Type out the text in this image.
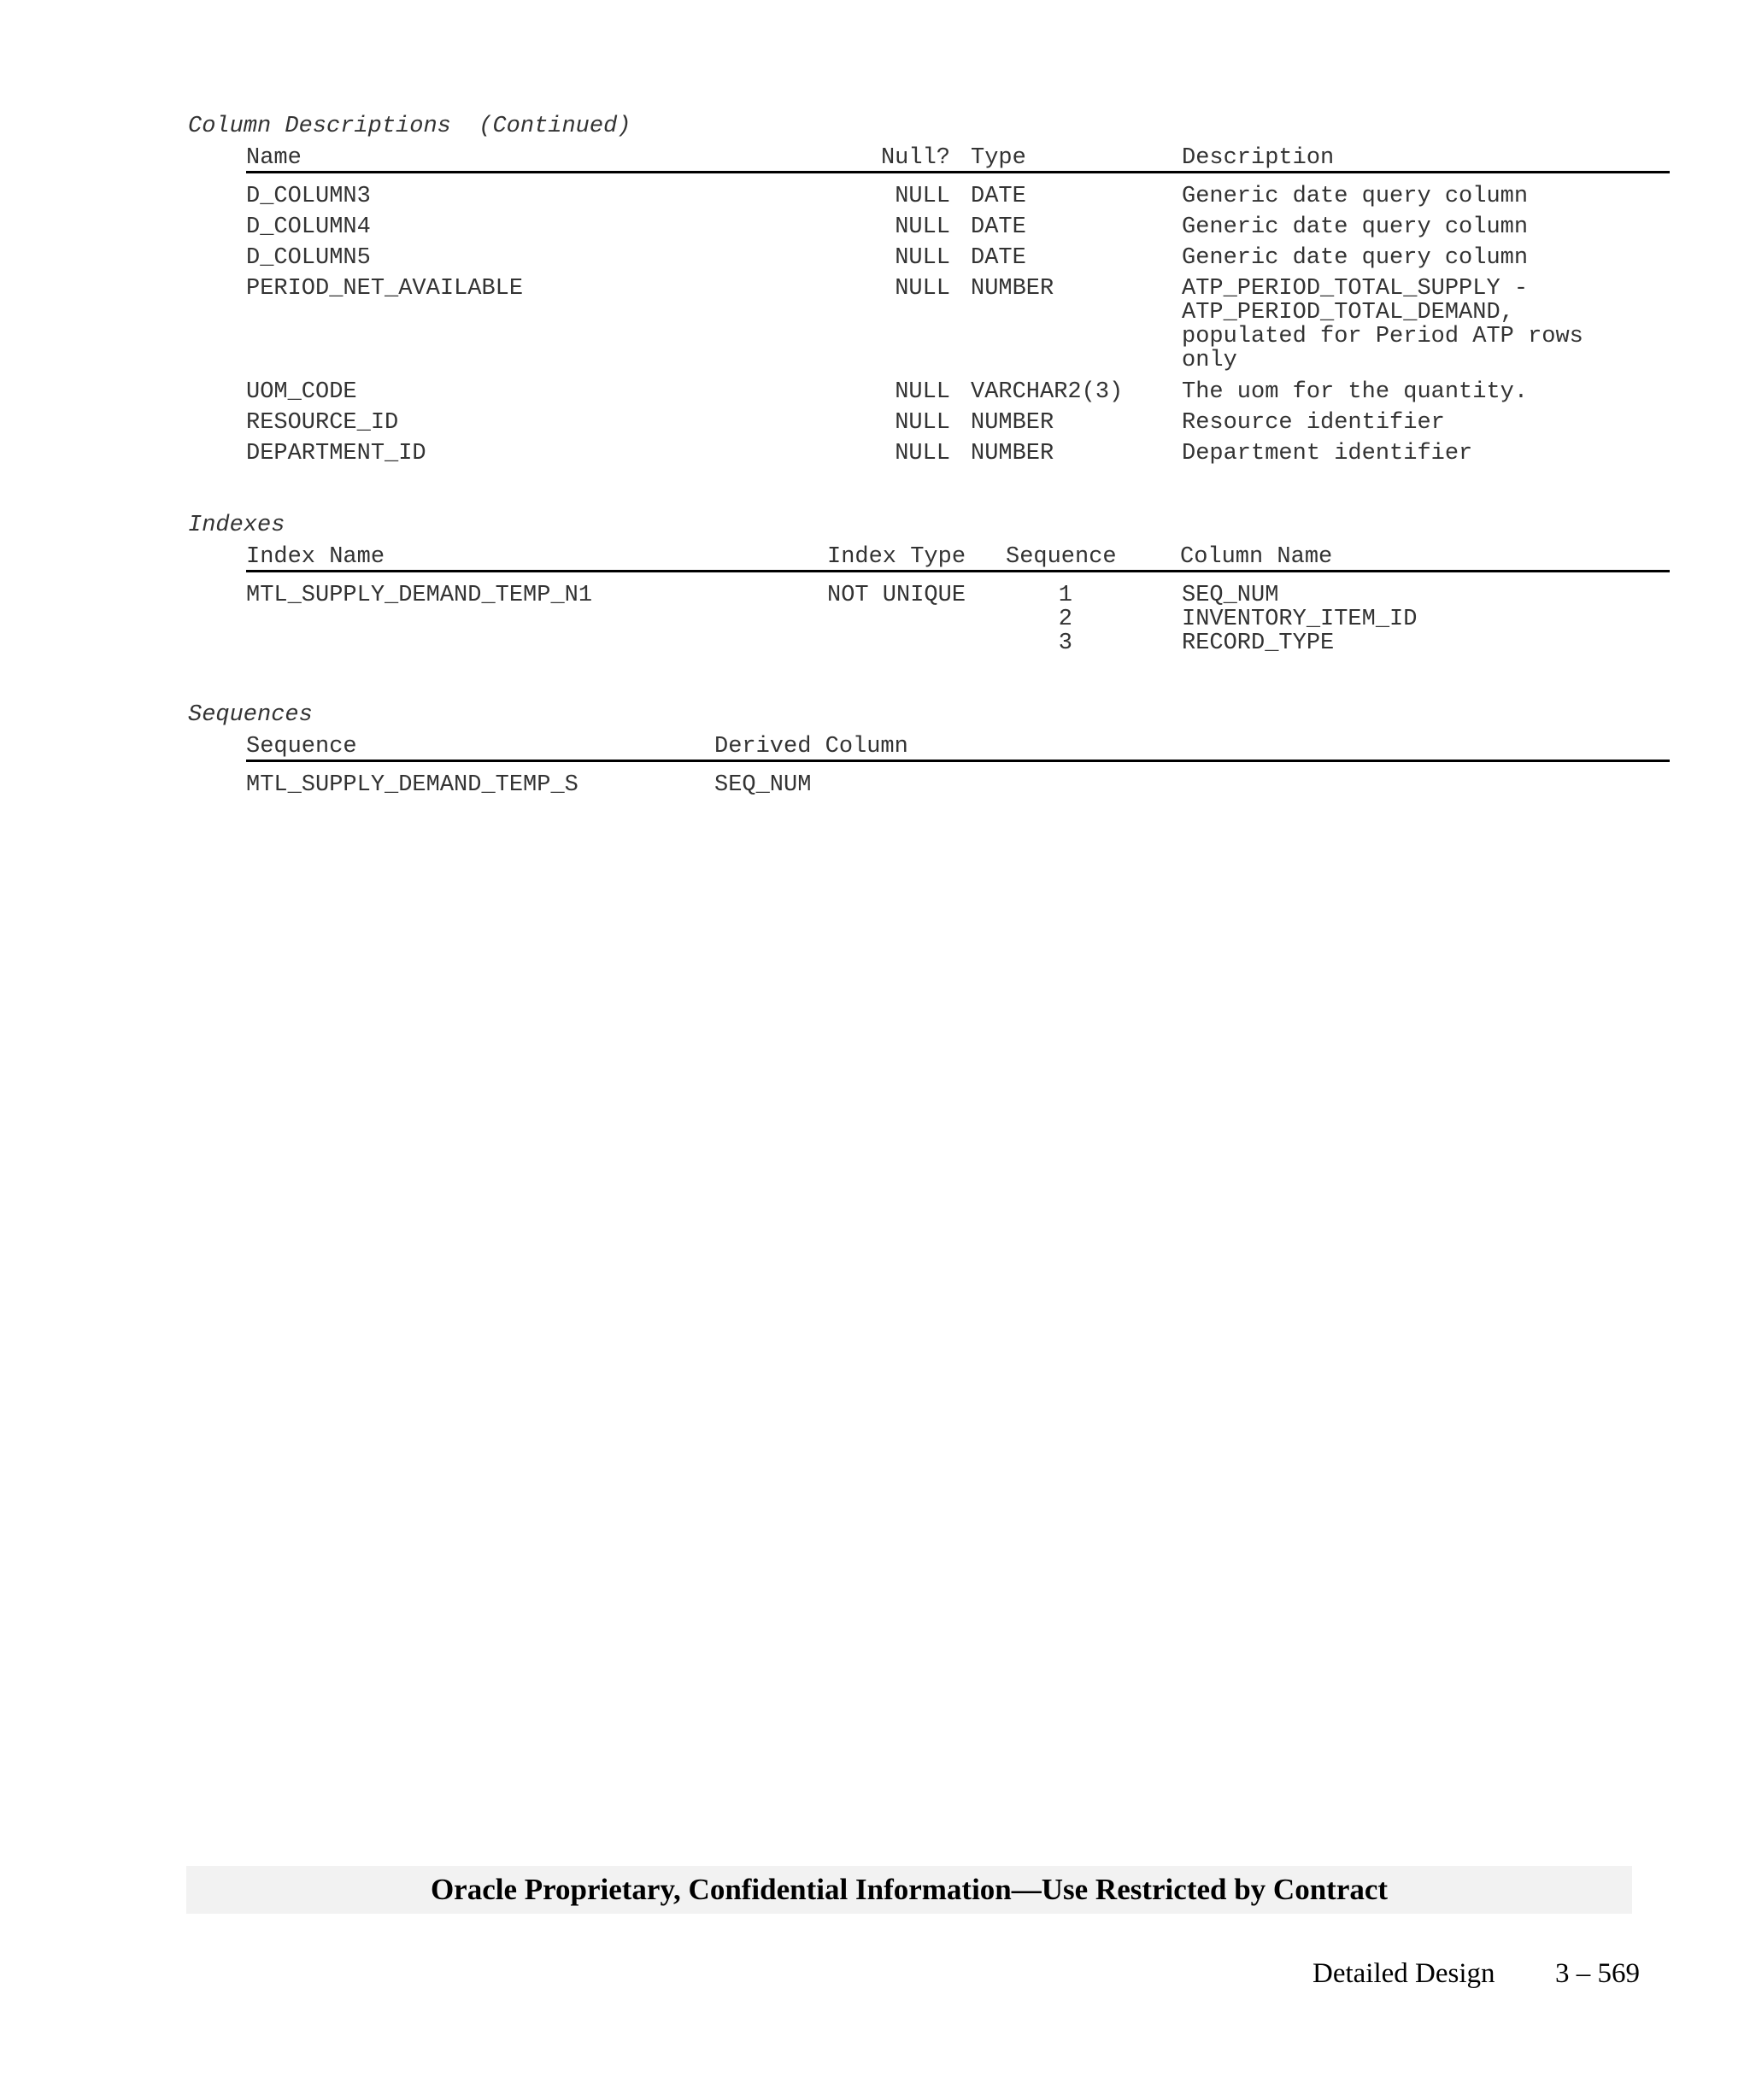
Column Descriptions (Continued)
Name	Null? Type	Description
D_COLUMN3	NULL DATE	Generic date query column
D_COLUMN4	NULL DATE	Generic date query column
D_COLUMN5	NULL DATE	Generic date query column
PERIOD_NET_AVAILABLE	NULL NUMBER	ATP_PERIOD_TOTAL_SUPPLY -
ATP_PERIOD_TOTAL_DEMAND,
populated for Period ATP rows
only
UOM_CODE	NULL VARCHAR2(3)	The uom for the quantity.
RESOURCE_ID	NULL NUMBER	Resource identifier
DEPARTMENT_ID	NULL NUMBER	Department identifier
Indexes
Index Name	Index Type Sequence	Column Name
MTL_SUPPLY_DEMAND_TEMP_N1	NOT UNIQUE	1	SEQ_NUM
2	INVENTORY_ITEM_ID
3	RECORD_TYPE
Sequences
Sequence	Derived Column
MTL_SUPPLY_DEMAND_TEMP_S	SEQ_NUM
Oracle Proprietary, Confidential Information––Use Restricted by Contract
Detailed Design 3 – 569
